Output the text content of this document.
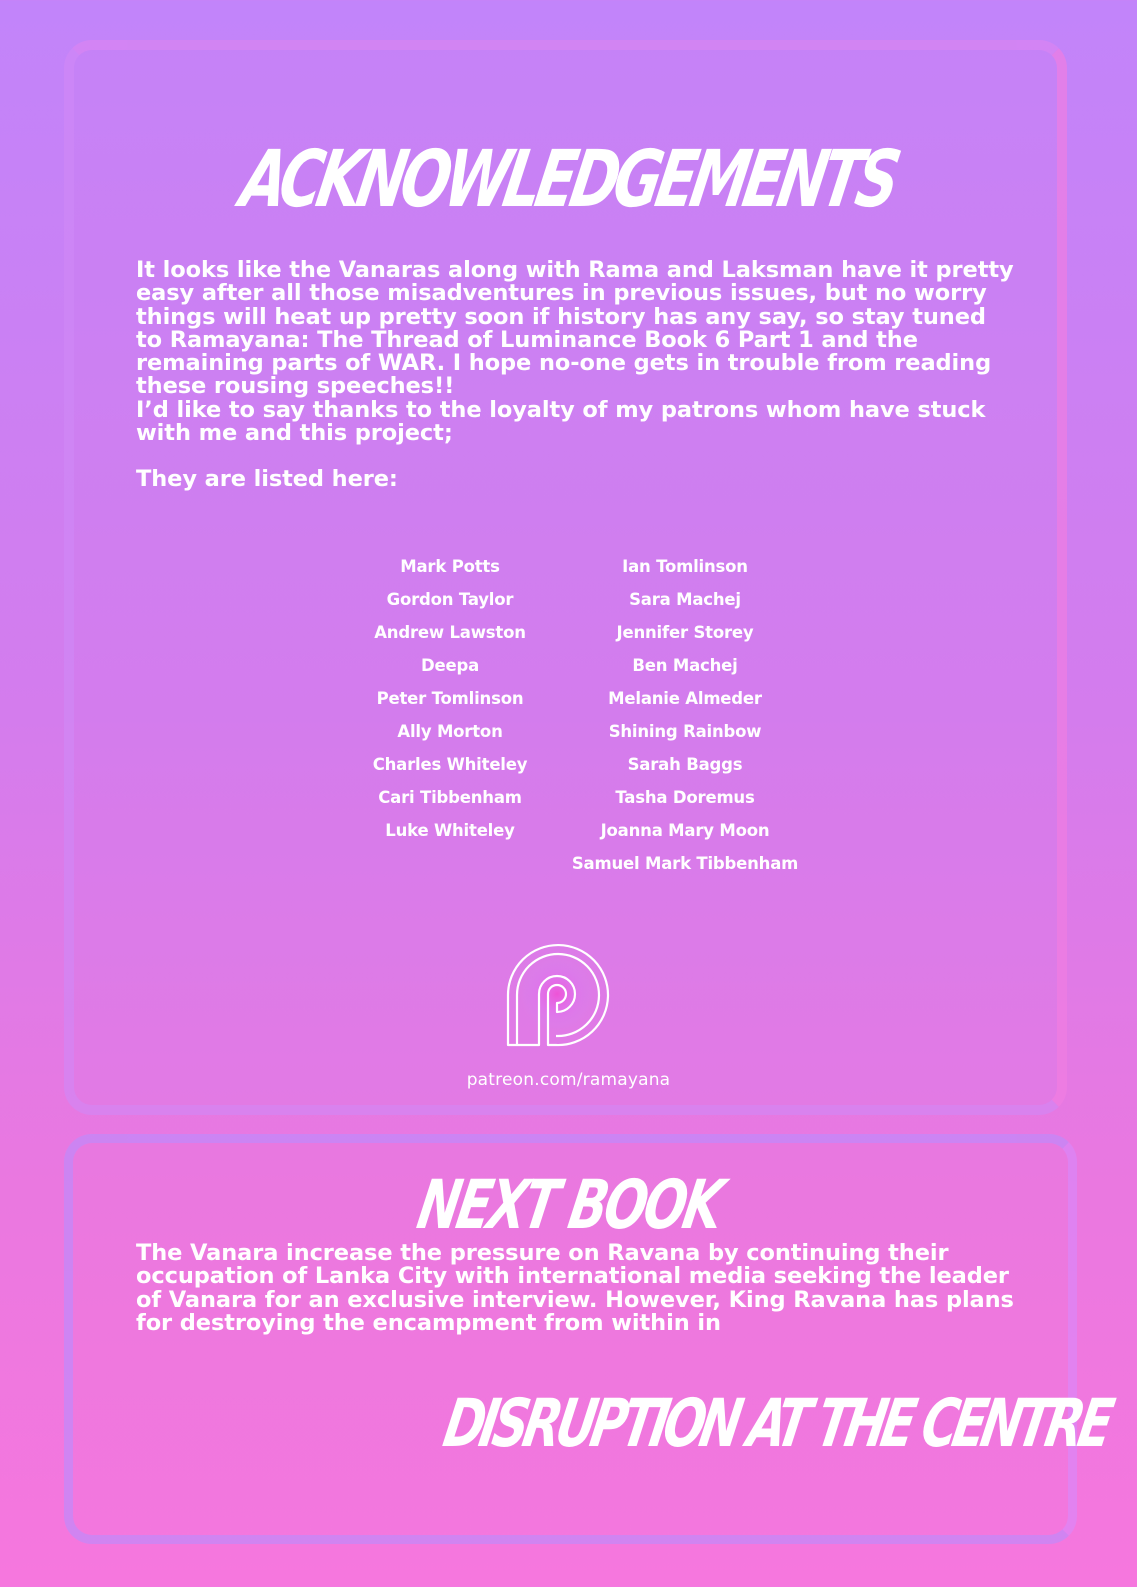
ACKNOWLEDGEMENTS

It looks like the Vanaras along with Rama and Laksman have it pretty easy after all those misadventures in previous issues, but no worry things will heat up pretty soon if history has any say, so stay tuned to Ramayana: The Thread of Luminance Book 6 Part 1 and the remaining parts of WAR. I hope no-one gets in trouble from reading these rousing speeches!!

I’d like to say thanks to the loyalty of my patrons whom have stuck with me and this project;

They are listed here:

Mark Potts
Gordon Taylor
Andrew Lawston
Deepa
Peter Tomlinson
Ally Morton
Charles Whiteley
Cari Tibbenham
Luke Whiteley
Ian Tomlinson
Sara Machej
Jennifer Storey
Ben Machej
Melanie Almeder
Shining Rainbow
Sarah Baggs
Tasha Doremus
Joanna Mary Moon
Samuel Mark Tibbenham
patreon.com/ramayana
NEXT BOOK

The Vanara increase the pressure on Ravana by continuing their occupation of Lanka City with international media seeking the leader of Vanara for an exclusive interview. However, King Ravana has plans for destroying the encampment from within in

DISRUPTION AT THE CENTRE
